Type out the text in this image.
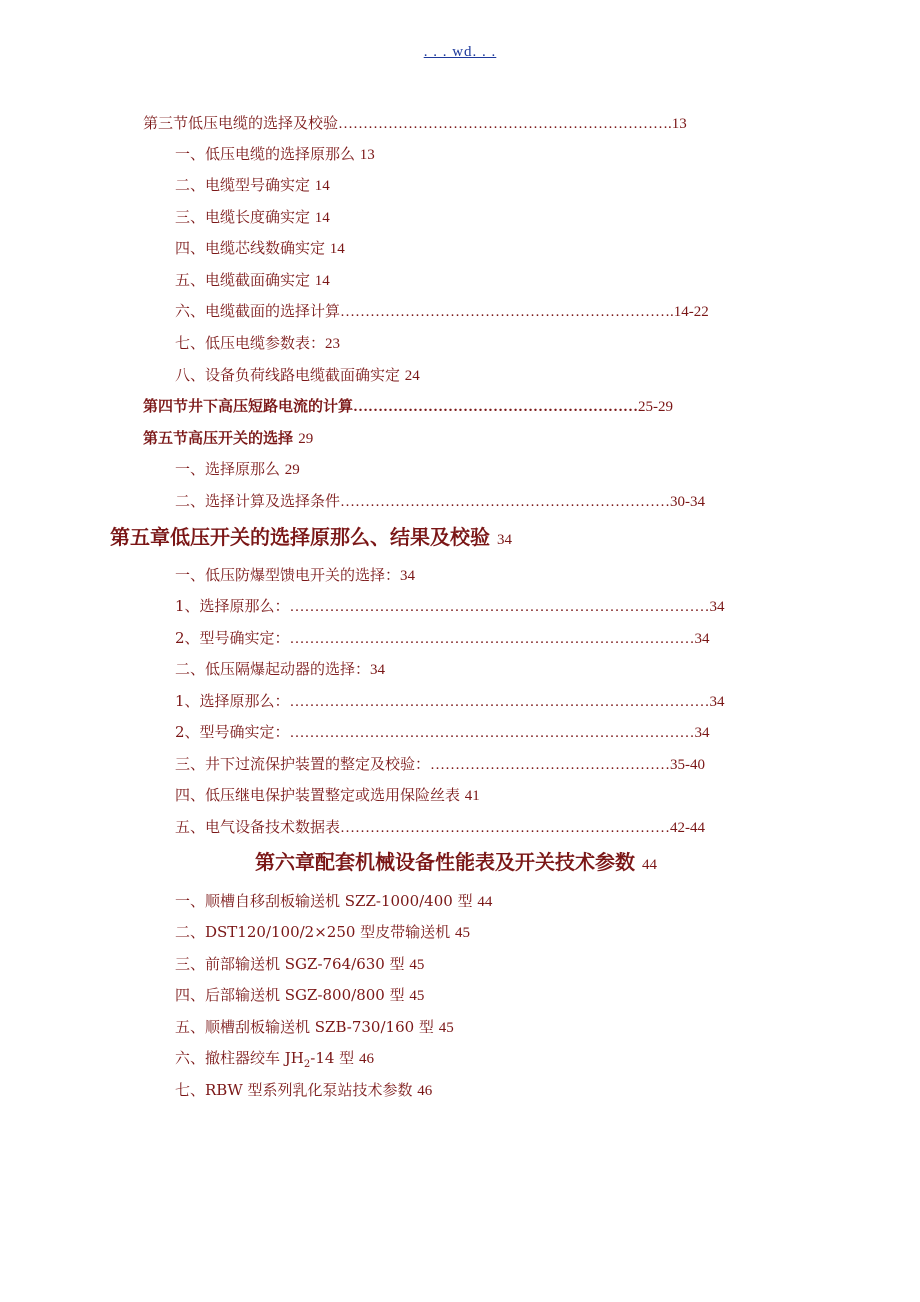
. . . wd. . .
第三节低压电缆的选择及校验………………………………………………………….13
一、低压电缆的选择原那么 13
二、电缆型号确实定 14
三、电缆长度确实定 14
四、电缆芯线数确实定 14
五、电缆截面确实定 14
六、电缆截面的选择计算………………………………………………………….14-22
七、低压电缆参数表：23
八、设备负荷线路电缆截面确实定 24
第四节井下高压短路电流的计算…………………………………………………25-29
第五节高压开关的选择 29
一、选择原那么 29
二、选择计算及选择条件…………………………………………………………30-34
第五章低压开关的选择原那么、结果及校验 34
一、低压防爆型馈电开关的选择：34
1、选择原那么：…………………………………………………………………………34
2、型号确实定：………………………………………………………………………34
二、低压隔爆起动器的选择：34
1、选择原那么：…………………………………………………………………………34
2、型号确实定：………………………………………………………………………34
三、井下过流保护装置的整定及校验：…………………………………………35-40
四、低压继电保护装置整定或选用保险丝表 41
五、电气设备技术数据表…………………………………………………………42-44
第六章配套机械设备性能表及开关技术参数 44
一、顺槽自移刮板输送机 SZZ-1000/400 型 44
二、DST120/100/2×250 型皮带输送机 45
三、前部输送机 SGZ-764/630 型 45
四、后部输送机 SGZ-800/800 型 45
五、顺槽刮板输送机 SZB-730/160 型 45
六、撤柱器绞车 $JH_2-14$ 型 46
七、RBW 型系列乳化泵站技术参数 46
